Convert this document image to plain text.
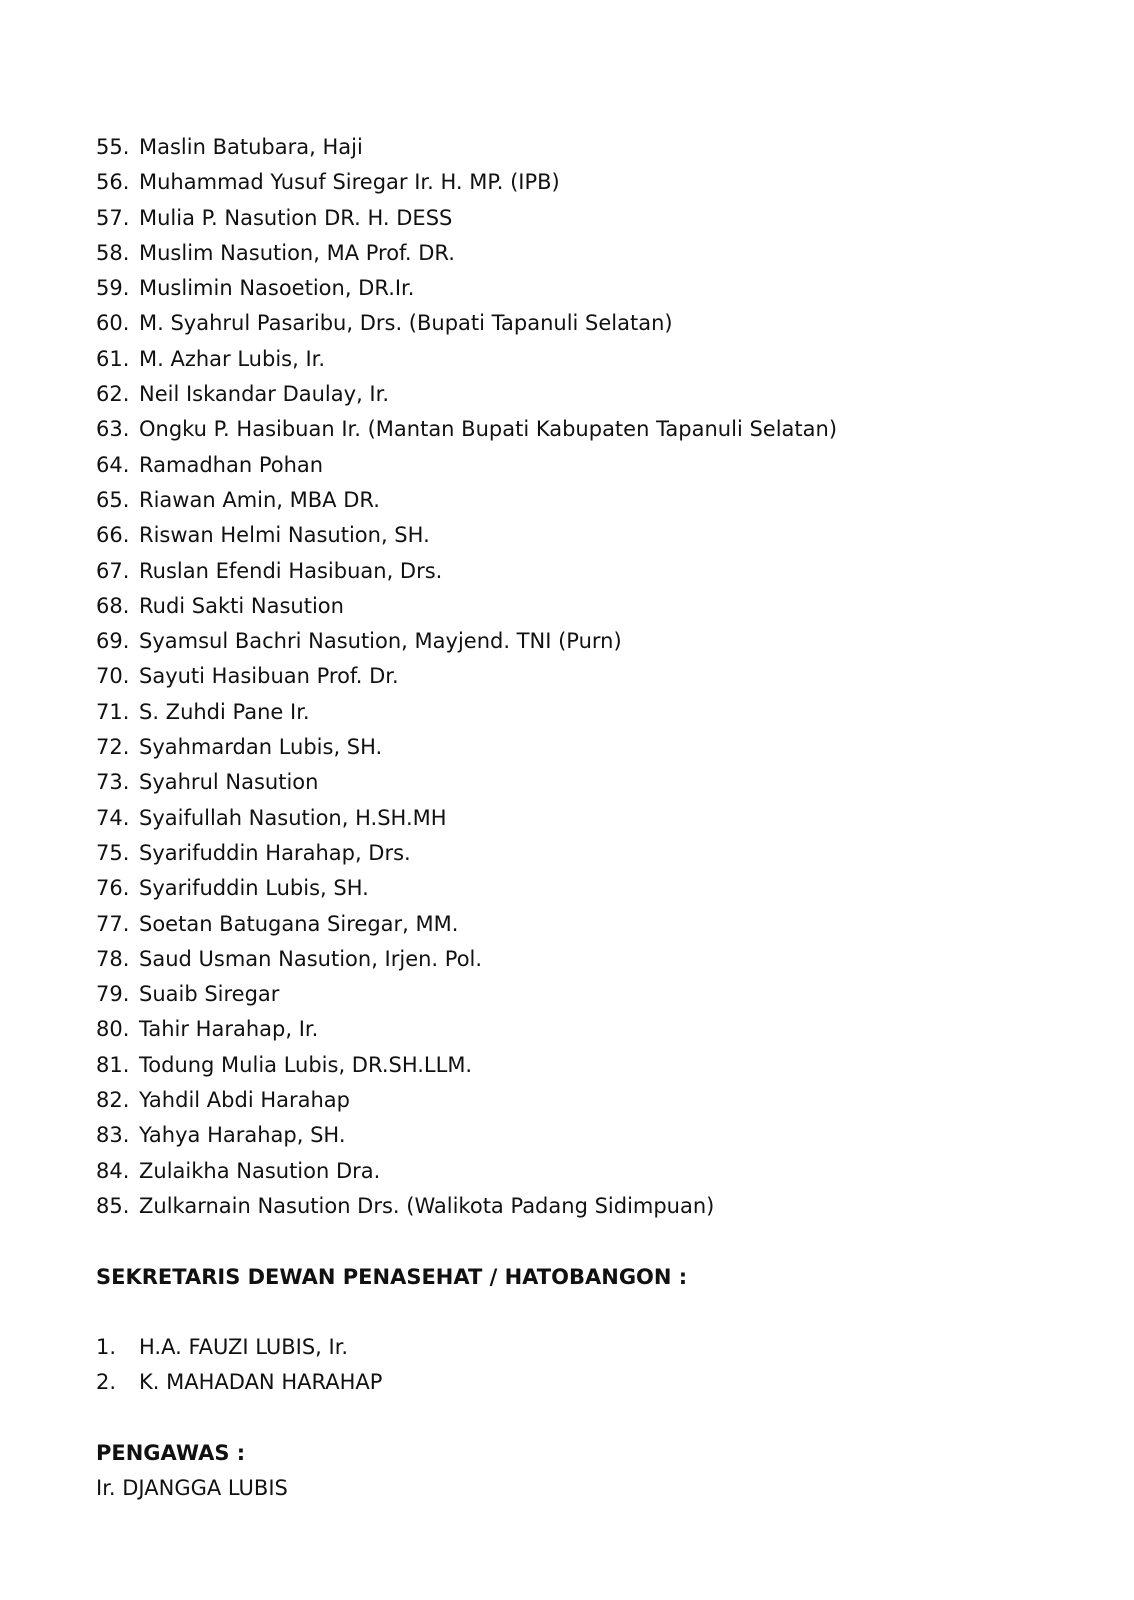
55. Maslin Batubara, Haji
56. Muhammad Yusuf Siregar Ir. H. MP. (IPB)
57. Mulia P. Nasution DR. H. DESS
58. Muslim Nasution, MA Prof. DR.
59. Muslimin Nasoetion, DR.Ir.
60. M. Syahrul Pasaribu, Drs. (Bupati Tapanuli Selatan)
61. M. Azhar Lubis, Ir.
62. Neil Iskandar Daulay, Ir.
63. Ongku P. Hasibuan Ir. (Mantan Bupati Kabupaten Tapanuli Selatan)
64. Ramadhan Pohan
65. Riawan Amin, MBA DR.
66. Riswan Helmi Nasution, SH.
67. Ruslan Efendi Hasibuan, Drs.
68. Rudi Sakti Nasution
69. Syamsul Bachri Nasution, Mayjend. TNI (Purn)
70. Sayuti Hasibuan Prof. Dr.
71. S. Zuhdi Pane Ir.
72. Syahmardan Lubis, SH.
73. Syahrul Nasution
74. Syaifullah Nasution, H.SH.MH
75. Syarifuddin Harahap, Drs.
76. Syarifuddin Lubis, SH.
77. Soetan Batugana Siregar, MM.
78. Saud Usman Nasution, Irjen. Pol.
79. Suaib Siregar
80. Tahir Harahap, Ir.
81. Todung Mulia Lubis, DR.SH.LLM.
82. Yahdil Abdi Harahap
83. Yahya Harahap, SH.
84. Zulaikha Nasution Dra.
85. Zulkarnain Nasution Drs. (Walikota Padang Sidimpuan)
SEKRETARIS DEWAN PENASEHAT / HATOBANGON :
1. H.A. FAUZI LUBIS, Ir.
2. K. MAHADAN HARAHAP
PENGAWAS :
Ir. DJANGGA LUBIS
